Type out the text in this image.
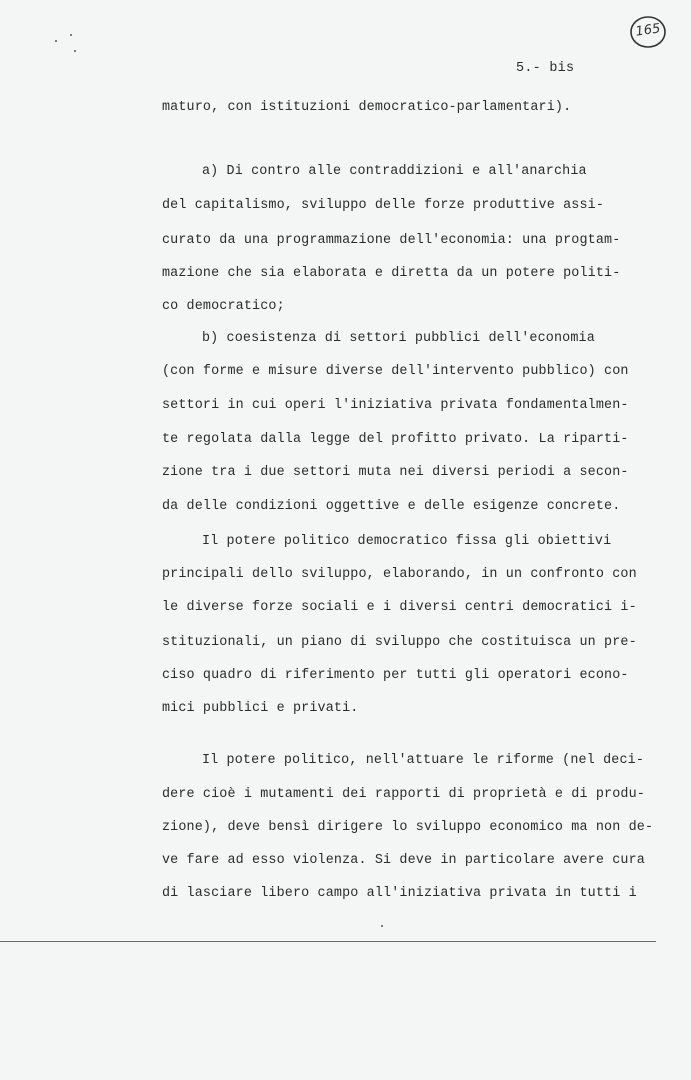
165
5.- bis
maturo, con istituzioni democratico-parlamentari).
a) Di contro alle contraddizioni e all'anarchia
del capitalismo, sviluppo delle forze produttive assi-
curato da una programmazione dell'economia: una progtam-
mazione che sia elaborata e diretta da un potere politi-
co democratico;
b) coesistenza di settori pubblici dell'economia
(con forme e misure diverse dell'intervento pubblico) con
settori in cui operi l'iniziativa privata fondamentalmen-
te regolata dalla legge del profitto privato. La riparti-
zione tra i due settori muta nei diversi periodi a secon-
da delle condizioni oggettive e delle esigenze concrete.
Il potere politico democratico fissa gli obiettivi
principali dello sviluppo, elaborando, in un confronto con
le diverse forze sociali e i diversi centri democratici i-
stituzionali, un piano di sviluppo che costituisca un pre-
ciso quadro di riferimento per tutti gli operatori econo-
mici pubblici e privati.
Il potere politico, nell'attuare le riforme (nel deci-
dere cioè i mutamenti dei rapporti di proprietà e di produ-
zione), deve bensì dirigere lo sviluppo economico ma non de-
ve fare ad esso violenza. Si deve in particolare avere cura
di lasciare libero campo all'iniziativa privata in tutti i
